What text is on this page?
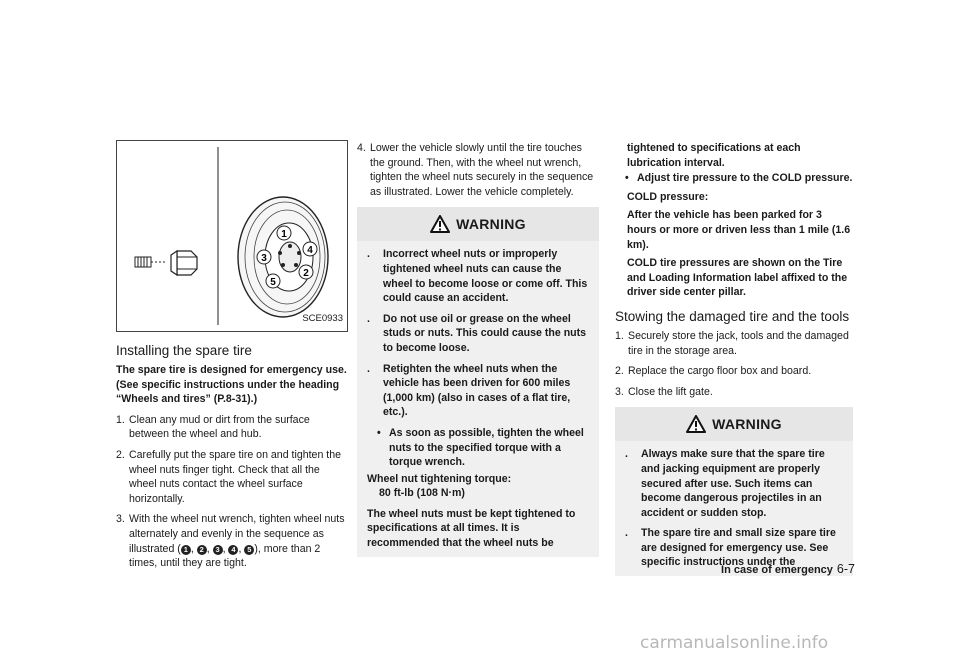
1
4
3
2
5
SCE0933
Installing the spare tire
The spare tire is designed for emergency use. (See specific instructions under the heading “Wheels and tires” (P.8-31).)
1. Clean any mud or dirt from the surface between the wheel and hub.
2. Carefully put the spare tire on and tighten the wheel nuts finger tight. Check that all the wheel nuts contact the wheel surface horizontally.
3. With the wheel nut wrench, tighten wheel nuts alternately and evenly in the sequence as illustrated ( 1 , 2 , 3 , 4 , 5 ), more than 2 times, until they are tight.
4. Lower the vehicle slowly until the tire touches the ground. Then, with the wheel nut wrench, tighten the wheel nuts securely in the sequence as illustrated. Lower the vehicle completely.
WARNING
. Incorrect wheel nuts or improperly tightened wheel nuts can cause the wheel to become loose or come off. This could cause an accident.
. Do not use oil or grease on the wheel studs or nuts. This could cause the nuts to become loose.
. Retighten the wheel nuts when the vehicle has been driven for 600 miles (1,000 km) (also in cases of a flat tire, etc.).
• As soon as possible, tighten the wheel nuts to the specified torque with a torque wrench.
Wheel nut tightening torque:
80 ft-lb (108 N·m)
The wheel nuts must be kept tightened to specifications at all times. It is recommended that the wheel nuts be
tightened to specifications at each lubrication interval.
• Adjust tire pressure to the COLD pressure.
COLD pressure:
After the vehicle has been parked for 3 hours or more or driven less than 1 mile (1.6 km).
COLD tire pressures are shown on the Tire and Loading Information label affixed to the driver side center pillar.
Stowing the damaged tire and the tools
1. Securely store the jack, tools and the damaged tire in the storage area.
2. Replace the cargo floor box and board.
3. Close the lift gate.
WARNING
. Always make sure that the spare tire and jacking equipment are properly secured after use. Such items can become dangerous projectiles in an accident or sudden stop.
. The spare tire and small size spare tire are designed for emergency use. See specific instructions under the
In case of emergency 6-7
carmanualsonline.info
